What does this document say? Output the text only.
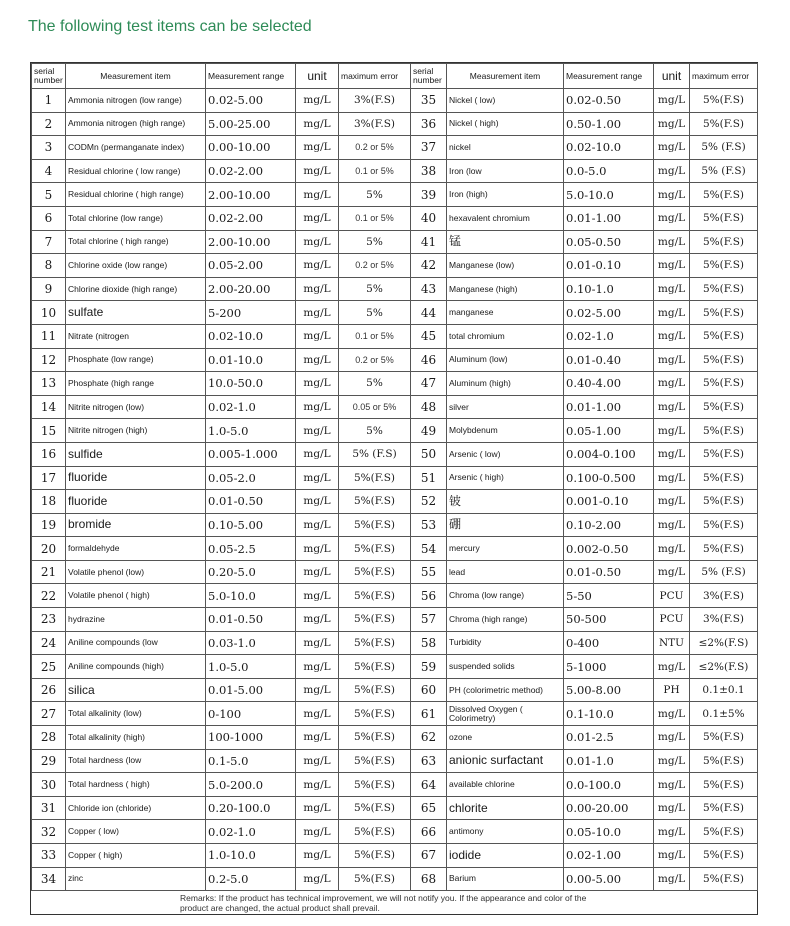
The following test items can be selected
serial number	Measurement item	Measurement range	unit	maximum error	serial number	Measurement item	Measurement range	unit	maximum error
1	Ammonia nitrogen (low range)	0.02-5.00	mg/L	3%(F.S)	35	Nickel ( low)	0.02-0.50	mg/L	5%(F.S)
2	Ammonia nitrogen (high range)	5.00-25.00	mg/L	3%(F.S)	36	Nickel ( high)	0.50-1.00	mg/L	5%(F.S)
3	CODMn (permanganate index)	0.00-10.00	mg/L	0.2 or 5%	37	nickel	0.02-10.0	mg/L	5% (F.S)
4	Residual chlorine ( low range)	0.02-2.00	mg/L	0.1 or 5%	38	Iron (low	0.0-5.0	mg/L	5% (F.S)
5	Residual chlorine ( high range)	2.00-10.00	mg/L	5%	39	Iron (high)	5.0-10.0	mg/L	5%(F.S)
6	Total chlorine (low range)	0.02-2.00	mg/L	0.1 or 5%	40	hexavalent chromium	0.01-1.00	mg/L	5%(F.S)
7	Total chlorine ( high range)	2.00-10.00	mg/L	5%	41	锰	0.05-0.50	mg/L	5%(F.S)
8	Chlorine oxide (low range)	0.05-2.00	mg/L	0.2 or 5%	42	Manganese (low)	0.01-0.10	mg/L	5%(F.S)
9	Chlorine dioxide (high range)	2.00-20.00	mg/L	5%	43	Manganese (high)	0.10-1.0	mg/L	5%(F.S)
10	sulfate	5-200	mg/L	5%	44	manganese	0.02-5.00	mg/L	5%(F.S)
11	Nitrate (nitrogen	0.02-10.0	mg/L	0.1 or 5%	45	total chromium	0.02-1.0	mg/L	5%(F.S)
12	Phosphate (low range)	0.01-10.0	mg/L	0.2 or 5%	46	Aluminum (low)	0.01-0.40	mg/L	5%(F.S)
13	Phosphate (high range	10.0-50.0	mg/L	5%	47	Aluminum (high)	0.40-4.00	mg/L	5%(F.S)
14	Nitrite nitrogen (low)	0.02-1.0	mg/L	0.05 or 5%	48	silver	0.01-1.00	mg/L	5%(F.S)
15	Nitrite nitrogen (high)	1.0-5.0	mg/L	5%	49	Molybdenum	0.05-1.00	mg/L	5%(F.S)
16	sulfide	0.005-1.000	mg/L	5% (F.S)	50	Arsenic ( low)	0.004-0.100	mg/L	5%(F.S)
17	fluoride	0.05-2.0	mg/L	5%(F.S)	51	Arsenic ( high)	0.100-0.500	mg/L	5%(F.S)
18	fluoride	0.01-0.50	mg/L	5%(F.S)	52	铍	0.001-0.10	mg/L	5%(F.S)
19	bromide	0.10-5.00	mg/L	5%(F.S)	53	硼	0.10-2.00	mg/L	5%(F.S)
20	formaldehyde	0.05-2.5	mg/L	5%(F.S)	54	mercury	0.002-0.50	mg/L	5%(F.S)
21	Volatile phenol (low)	0.20-5.0	mg/L	5%(F.S)	55	lead	0.01-0.50	mg/L	5% (F.S)
22	Volatile phenol ( high)	5.0-10.0	mg/L	5%(F.S)	56	Chroma (low range)	5-50	PCU	3%(F.S)
23	hydrazine	0.01-0.50	mg/L	5%(F.S)	57	Chroma (high range)	50-500	PCU	3%(F.S)
24	Aniline compounds (low	0.03-1.0	mg/L	5%(F.S)	58	Turbidity	0-400	NTU	≤2%(F.S)
25	Aniline compounds (high)	1.0-5.0	mg/L	5%(F.S)	59	suspended solids	5-1000	mg/L	≤2%(F.S)
26	silica	0.01-5.00	mg/L	5%(F.S)	60	PH (colorimetric method)	5.00-8.00	PH	0.1±0.1
27	Total alkalinity (low)	0-100	mg/L	5%(F.S)	61	Dissolved Oxygen ( Colorimetry)	0.1-10.0	mg/L	0.1±5%
28	Total alkalinity (high)	100-1000	mg/L	5%(F.S)	62	ozone	0.01-2.5	mg/L	5%(F.S)
29	Total hardness (low	0.1-5.0	mg/L	5%(F.S)	63	anionic surfactant	0.01-1.0	mg/L	5%(F.S)
30	Total hardness ( high)	5.0-200.0	mg/L	5%(F.S)	64	available chlorine	0.0-100.0	mg/L	5%(F.S)
31	Chloride ion (chloride)	0.20-100.0	mg/L	5%(F.S)	65	chlorite	0.00-20.00	mg/L	5%(F.S)
32	Copper ( low)	0.02-1.0	mg/L	5%(F.S)	66	antimony	0.05-10.0	mg/L	5%(F.S)
33	Copper ( high)	1.0-10.0	mg/L	5%(F.S)	67	iodide	0.02-1.00	mg/L	5%(F.S)
34	zinc	0.2-5.0	mg/L	5%(F.S)	68	Barium	0.00-5.00	mg/L	5%(F.S)
Remarks: If the product has technical improvement, we will not notify you. If the appearance and color of the product are changed, the actual product shall prevail.
